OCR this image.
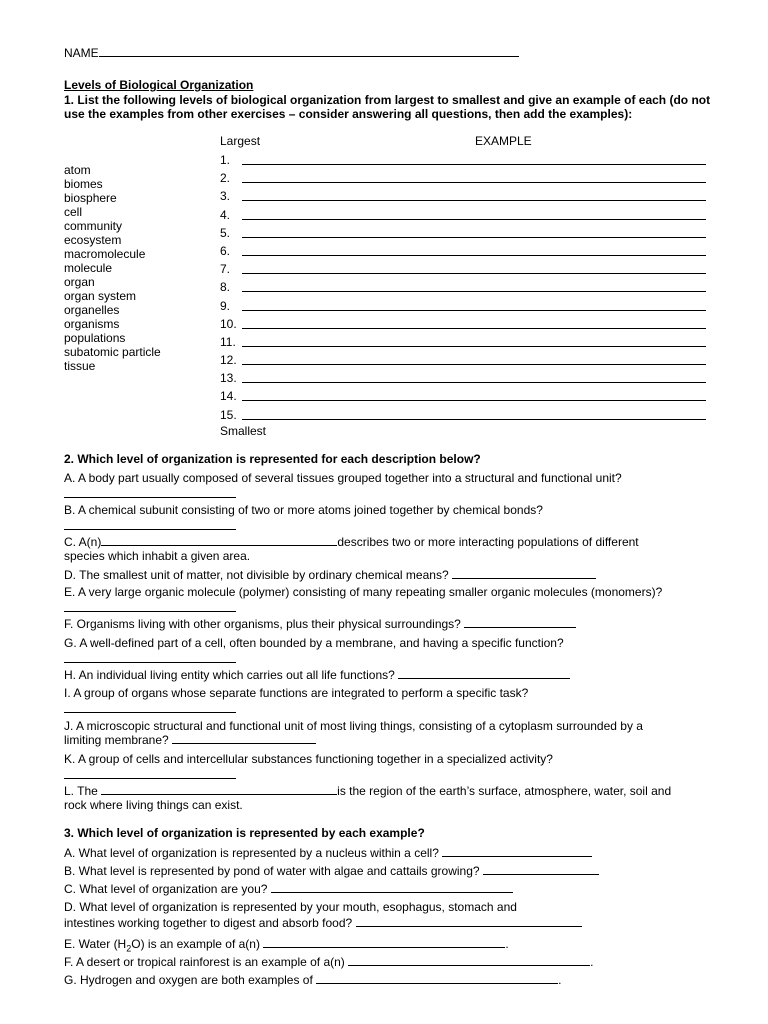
NAME
Levels of Biological Organization
1. List the following levels of biological organization from largest to smallest and give an example of each (do not use the examples from other exercises – consider answering all questions, then add the examples):
Largest	EXAMPLE
atom
biomes
biosphere
cell
community
ecosystem
macromolecule
molecule
organ
organ system
organelles
organisms
populations
subatomic particle
tissue
1.
2.
3.
4.
5.
6.
7.
8.
9.
10.
11.
12.
13.
14.
15.
Smallest
2. Which level of organization is represented for each description below?
A. A body part usually composed of several tissues grouped together into a structural and functional unit?
B. A chemical subunit consisting of two or more atoms joined together by chemical bonds?
C. A(n)	describes two or more interacting populations of different
species which inhabit a given area.
D. The smallest unit of matter, not divisible by ordinary chemical means?
E. A very large organic molecule (polymer) consisting of many repeating smaller organic molecules (monomers)?
F. Organisms living with other organisms, plus their physical surroundings?
G. A well-defined part of a cell, often bounded by a membrane, and having a specific function?
H. An individual living entity which carries out all life functions?
I. A group of organs whose separate functions are integrated to perform a specific task?
J. A microscopic structural and functional unit of most living things, consisting of a cytoplasm surrounded by a
limiting membrane?
K. A group of cells and intercellular substances functioning together in a specialized activity?
L. The	is the region of the earth’s surface, atmosphere, water, soil and
rock where living things can exist.
3. Which level of organization is represented by each example?
A. What level of organization is represented by a nucleus within a cell?
B. What level is represented by pond of water with algae and cattails growing?
C. What level of organization are you?
D. What level of organization is represented by your mouth, esophagus, stomach and
intestines working together to digest and absorb food?
E. Water $(H_2O)$ is an example of a(n)	.
F. A desert or tropical rainforest is an example of a(n)	.
G. Hydrogen and oxygen are both examples of	.
